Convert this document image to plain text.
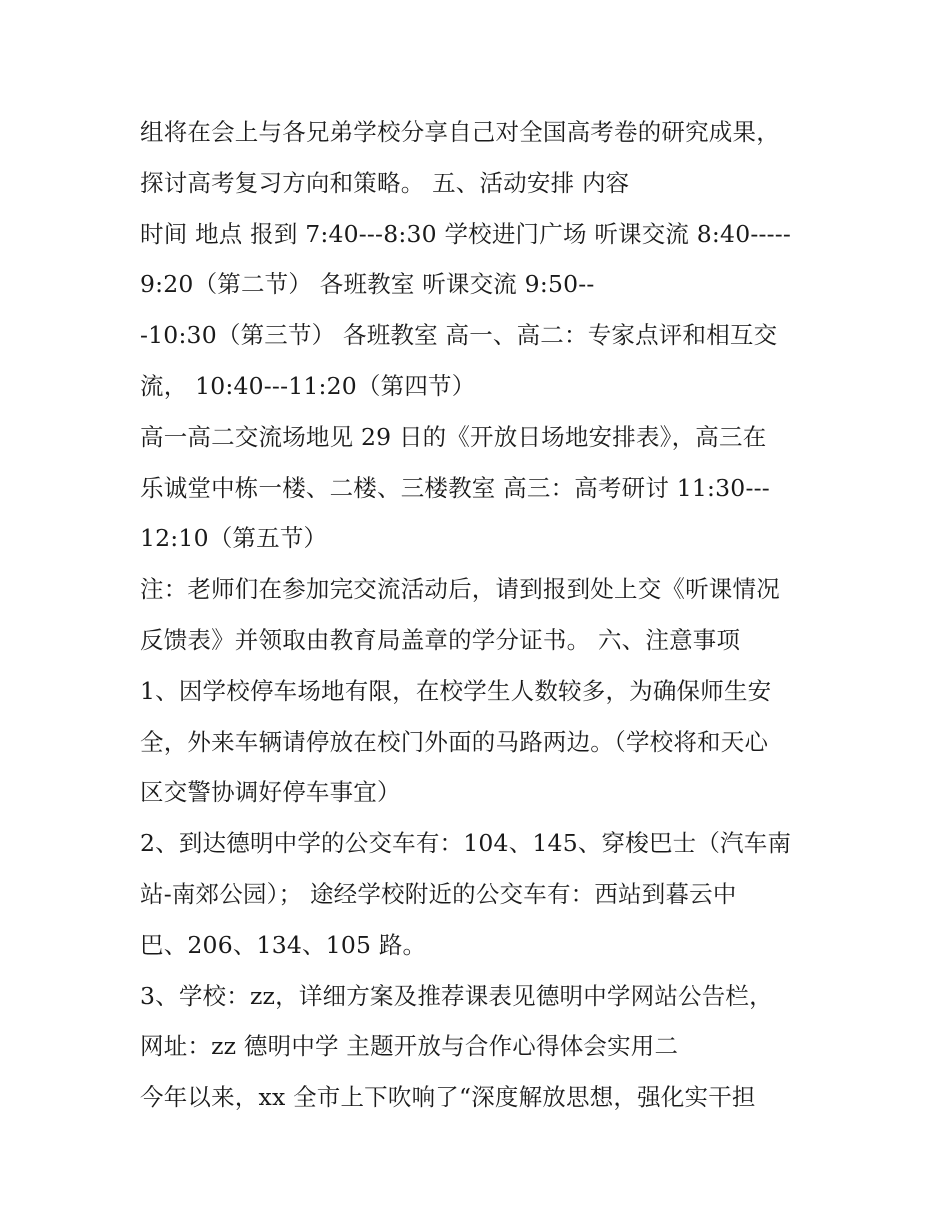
组将在会上与各兄弟学校分享自己对全国高考卷的研究成果，
探讨高考复习方向和策略。 五、活动安排 内容
时间 地点 报到 7:40---8:30 学校进门广场 听课交流 8:40-----
9:20（第二节） 各班教室 听课交流 9:50--
-10:30（第三节） 各班教室 高一、高二：专家点评和相互交
流， 10:40---11:20（第四节）
高一高二交流场地见 29 日的《开放日场地安排表》，高三在
乐诚堂中栋一楼、二楼、三楼教室 高三：高考研讨 11:30---
12:10（第五节）
注：老师们在参加完交流活动后，请到报到处上交《听课情况
反馈表》并领取由教育局盖章的学分证书。 六、注意事项
1、因学校停车场地有限，在校学生人数较多，为确保师生安
全，外来车辆请停放在校门外面的马路两边。（学校将和天心
区交警协调好停车事宜）
2、到达德明中学的公交车有：104、145、穿梭巴士（汽车南
站-南郊公园）； 途经学校附近的公交车有：西站到暮云中
巴、206、134、105 路。
3、学校：zz，详细方案及推荐课表见德明中学网站公告栏，
网址：zz 德明中学 主题开放与合作心得体会实用二
今年以来，xx 全市上下吹响了“深度解放思想，强化实干担
